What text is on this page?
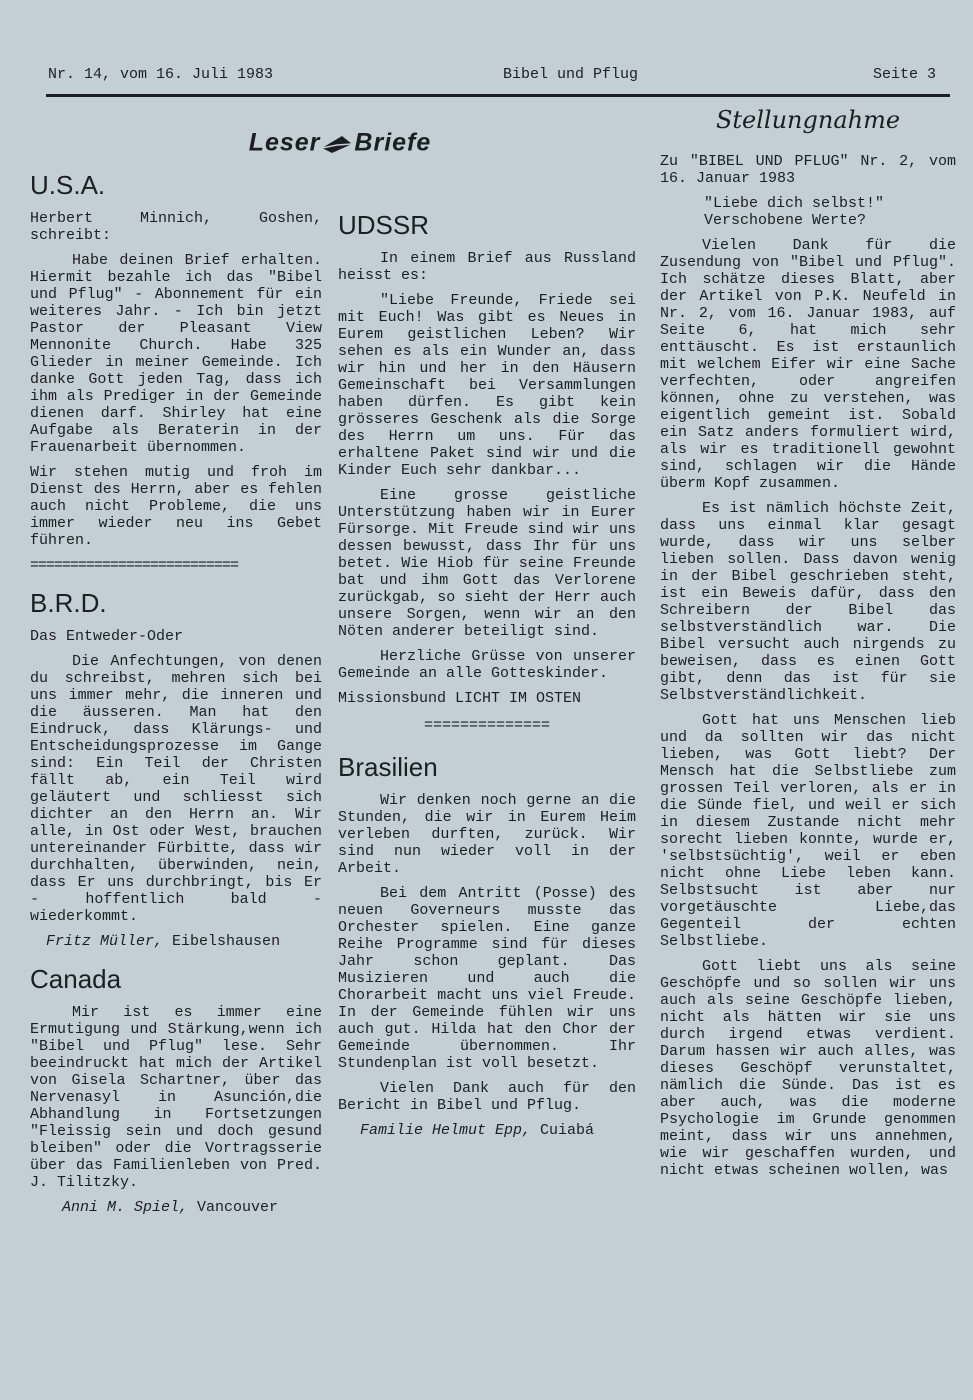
Nr. 14, vom 16. Juli 1983	Bibel und Pflug	Seite 3
Leser Briefe
U.S.A.

Herbert Minnich, Goshen, schreibt:

Habe deinen Brief erhalten. Hiermit bezahle ich das "Bibel und Pflug" - Abonnement für ein weiteres Jahr. - Ich bin jetzt Pastor der Pleasant View Mennonite Church. Habe 325 Glieder in meiner Gemeinde. Ich danke Gott jeden Tag, dass ich ihm als Prediger in der Gemeinde dienen darf. Shirley hat eine Aufgabe als Beraterin in der Frauenarbeit übernommen.

Wir stehen mutig und froh im Dienst des Herrn, aber es fehlen auch nicht Probleme, die uns immer wieder neu ins Gebet führen.

==========================
B.R.D.

Das Entweder-Oder

Die Anfechtungen, von denen du schreibst, mehren sich bei uns immer mehr, die inneren und die äusseren. Man hat den Eindruck, dass Klärungs- und Entscheidungsprozesse im Gange sind: Ein Teil der Christen fällt ab, ein Teil wird geläutert und schliesst sich dichter an den Herrn an. Wir alle, in Ost oder West, brauchen untereinander Fürbitte, dass wir durchhalten, überwinden, nein, dass Er uns durchbringt, bis Er - hoffentlich bald - wiederkommt.

Fritz Müller, Eibelshausen

Canada

Mir ist es immer eine Ermutigung und Stärkung,wenn ich "Bibel und Pflug" lese. Sehr beeindruckt hat mich der Artikel von Gisela Schartner, über das Nervenasyl in Asunción,die Abhandlung in Fortsetzungen "Fleissig sein und doch gesund bleiben" oder die Vortragsserie über das Familienleben von Pred. J. Tilitzky.

Anni M. Spiel, Vancouver

UDSSR

In einem Brief aus Russland heisst es:

"Liebe Freunde, Friede sei mit Euch! Was gibt es Neues in Eurem geistlichen Leben? Wir sehen es als ein Wunder an, dass wir hin und her in den Häusern Gemeinschaft bei Versammlungen haben dürfen. Es gibt kein grösseres Geschenk als die Sorge des Herrn um uns. Für das erhaltene Paket sind wir und die Kinder Euch sehr dankbar...

Eine grosse geistliche Unterstützung haben wir in Eurer Fürsorge. Mit Freude sind wir uns dessen bewusst, dass Ihr für uns betet. Wie Hiob für seine Freunde bat und ihm Gott das Verlorene zurückgab, so sieht der Herr auch unsere Sorgen, wenn wir an den Nöten anderer beteiligt sind.

Herzliche Grüsse von unserer Gemeinde an alle Gotteskinder.

Missionsbund LICHT IM OSTEN

==============
Brasilien

Wir denken noch gerne an die Stunden, die wir in Eurem Heim verleben durften, zurück. Wir sind nun wieder voll in der Arbeit.

Bei dem Antritt (Posse) des neuen Governeurs musste das Orchester spielen. Eine ganze Reihe Programme sind für dieses Jahr schon geplant. Das Musizieren und auch die Chorarbeit macht uns viel Freude. In der Gemeinde fühlen wir uns auch gut. Hilda hat den Chor der Gemeinde übernommen. Ihr Stundenplan ist voll besetzt.

Vielen Dank auch für den Bericht in Bibel und Pflug.

Familie Helmut Epp, Cuiabá

Stellungnahme

Zu "BIBEL UND PFLUG" Nr. 2, vom 16. Januar 1983

"Liebe dich selbst!"
Verschobene Werte?

Vielen Dank für die Zusendung von "Bibel und Pflug". Ich schätze dieses Blatt, aber der Artikel von P.K. Neufeld in Nr. 2, vom 16. Januar 1983, auf Seite 6, hat mich sehr enttäuscht. Es ist erstaunlich mit welchem Eifer wir eine Sache verfechten, oder angreifen können, ohne zu verstehen, was eigentlich gemeint ist. Sobald ein Satz anders formuliert wird, als wir es traditionell gewohnt sind, schlagen wir die Hände überm Kopf zusammen.

Es ist nämlich höchste Zeit, dass uns einmal klar gesagt wurde, dass wir uns selber lieben sollen. Dass davon wenig in der Bibel geschrieben steht, ist ein Beweis dafür, dass den Schreibern der Bibel das selbstverständlich war. Die Bibel versucht auch nirgends zu beweisen, dass es einen Gott gibt, denn das ist für sie Selbstverständlichkeit.

Gott hat uns Menschen lieb und da sollten wir das nicht lieben, was Gott liebt? Der Mensch hat die Selbstliebe zum grossen Teil verloren, als er in die Sünde fiel, und weil er sich in diesem Zustande nicht mehr sorecht lieben konnte, wurde er, 'selbstsüchtig', weil er eben nicht ohne Liebe leben kann. Selbstsucht ist aber nur vorgetäuschte Liebe,das Gegenteil der echten Selbstliebe.

Gott liebt uns als seine Geschöpfe und so sollen wir uns auch als seine Geschöpfe lieben, nicht als hätten wir sie uns durch irgend etwas verdient. Darum hassen wir auch alles, was dieses Geschöpf verunstaltet, nämlich die Sünde. Das ist es aber auch, was die moderne Psychologie im Grunde genommen meint, dass wir uns annehmen, wie wir geschaffen wurden, und nicht etwas scheinen wollen, was
